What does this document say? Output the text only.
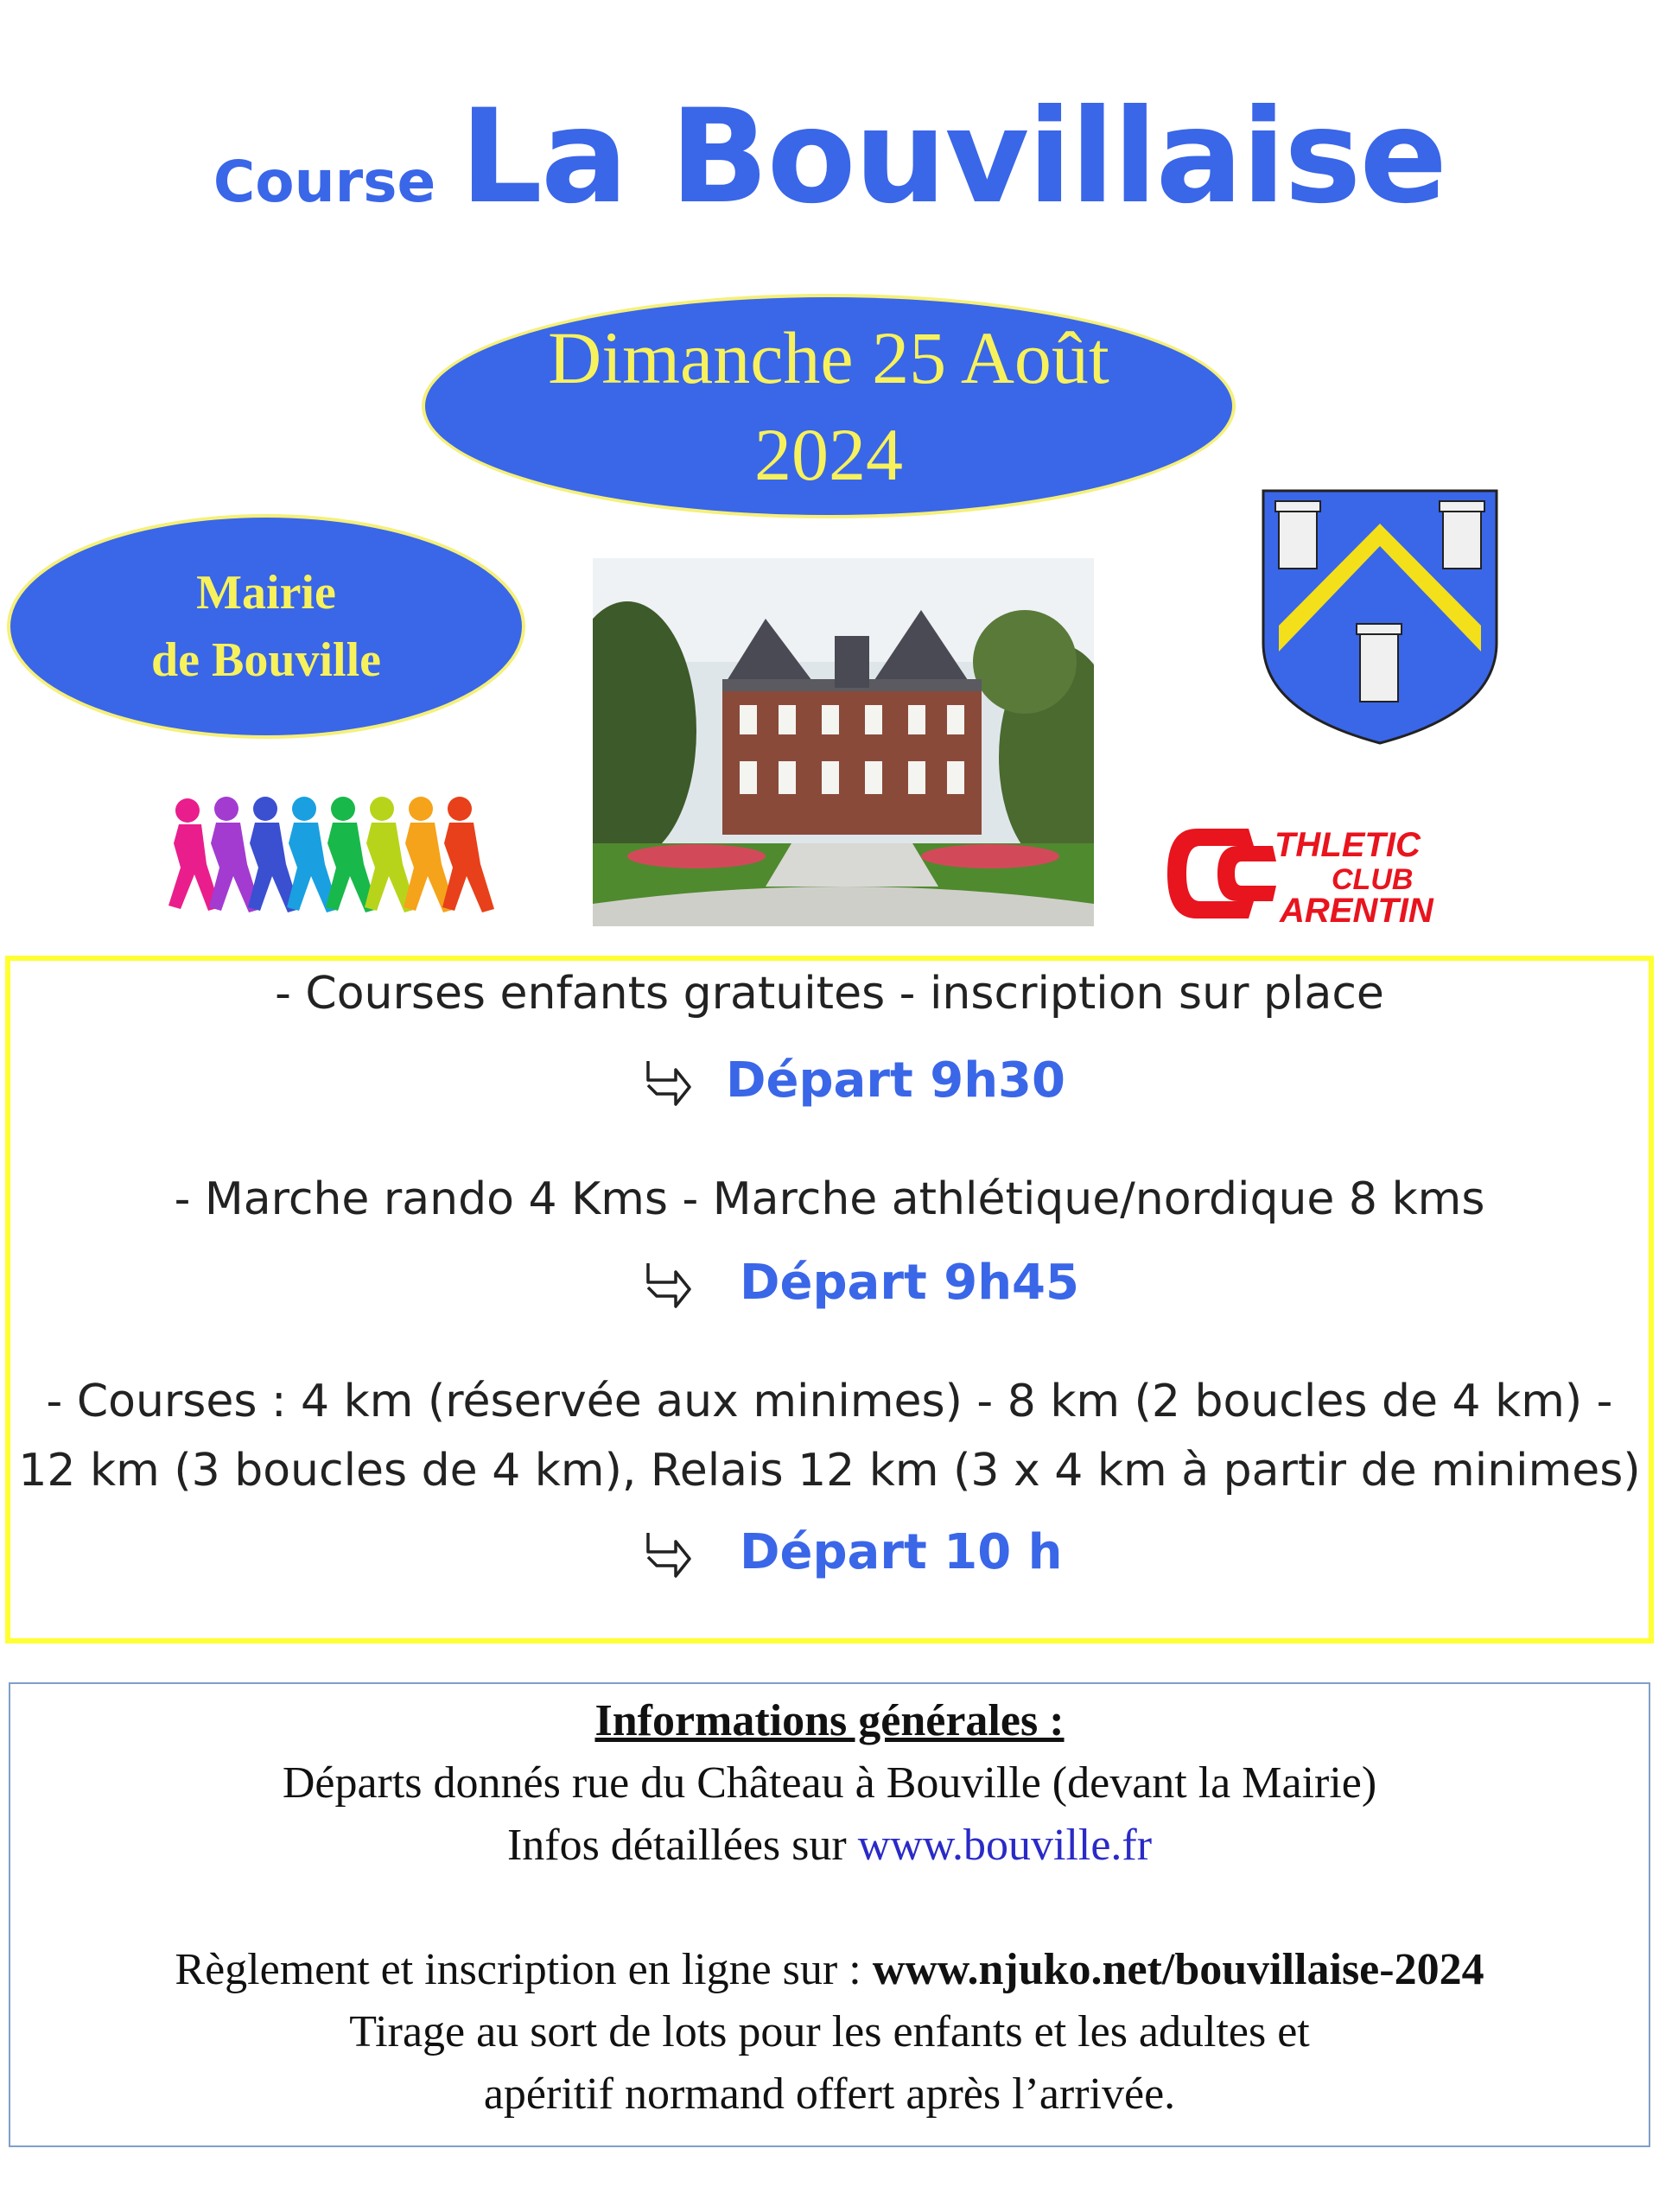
Course La Bouvillaise
Dimanche 25 Août
2024
Mairie
de Bouville
THLETIC
CLUB
ARENTIN
- Courses enfants gratuites - inscription sur place
Départ 9h30
- Marche rando 4 Kms - Marche athlétique/nordique 8 kms
Départ 9h45
- Courses : 4 km (réservée aux minimes) - 8 km (2 boucles de 4 km) -
12 km (3 boucles de 4 km), Relais 12 km (3 x 4 km à partir de minimes)
Départ 10 h
Informations générales :
Départs donnés rue du Château à Bouville (devant la Mairie)
Infos détaillées sur www.bouville.fr
Règlement et inscription en ligne sur : www.njuko.net/bouvillaise-2024
Tirage au sort de lots pour les enfants et les adultes et
apéritif normand offert après l’arrivée.
